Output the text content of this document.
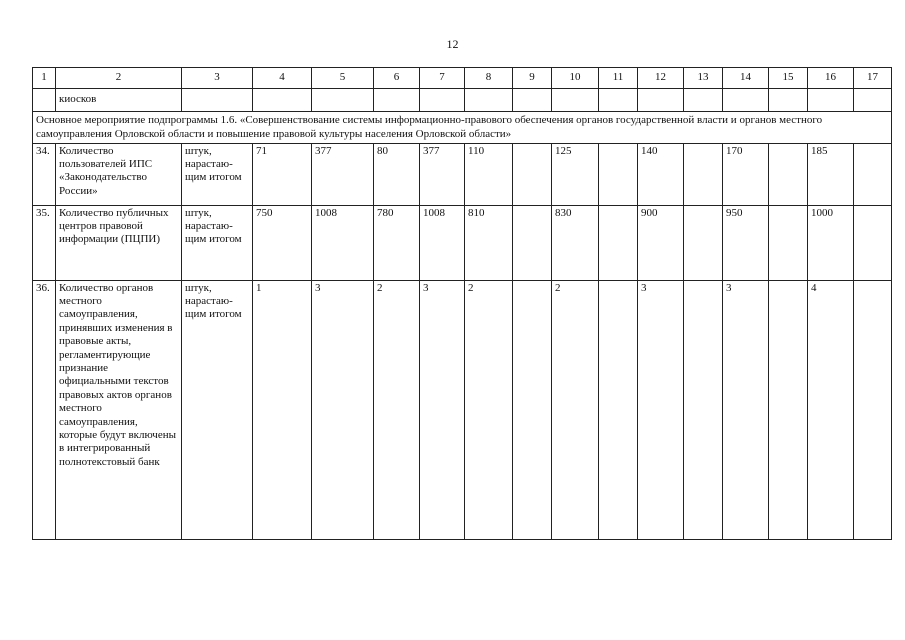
12
1	2	3	4	5	6	7	8	9	10	11	12	13	14	15	16	17
	киосков															
Основное мероприятие подпрограммы 1.6. «Совершенствование системы информационно-правового обеспечения органов государственной власти и органов местного самоуправления Орловской области и повышение правовой культуры населения Орловской области»																
34.	Количество пользователей ИПС «Законодательство России»	штук, нарастаю-щим итогом	71	377	80	377	110		125		140		170		185	
35.	Количество публичных центров правовой информации (ПЦПИ)	штук, нарастаю-щим итогом	750	1008	780	1008	810		830		900		950		1000	
36.	Количество органов местного самоуправления, принявших изменения в правовые акты, регламентирующие признание официальными текстов правовых актов органов местного самоуправления, которые будут включены в интегрированный полнотекстовый банк	штук, нарастаю-щим итогом	1	3	2	3	2		2		3		3		4	
